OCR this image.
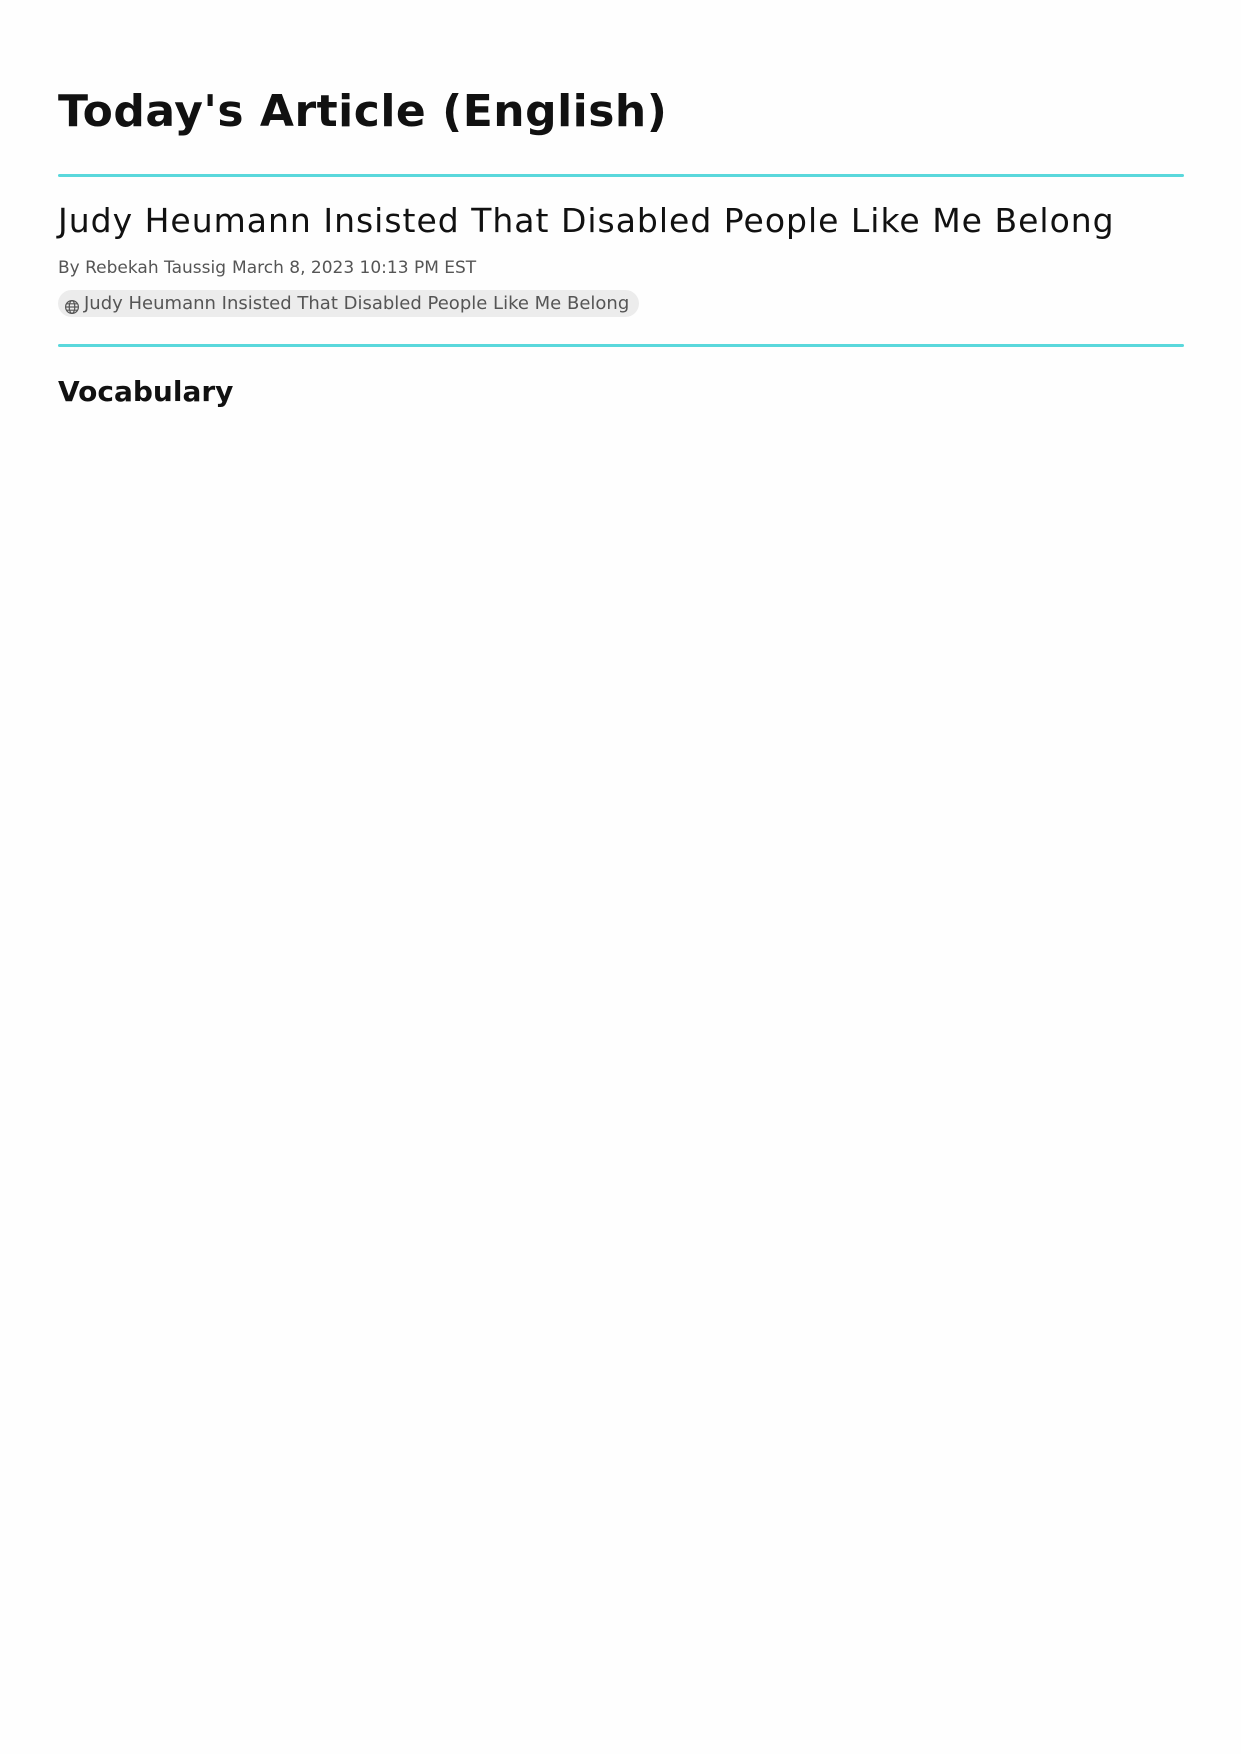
Today's Article (English)
Judy Heumann Insisted That Disabled People Like Me Belong
By Rebekah Taussig March 8, 2023 10:13 PM EST
Judy Heumann Insisted That Disabled People Like Me Belong
Vocabulary
